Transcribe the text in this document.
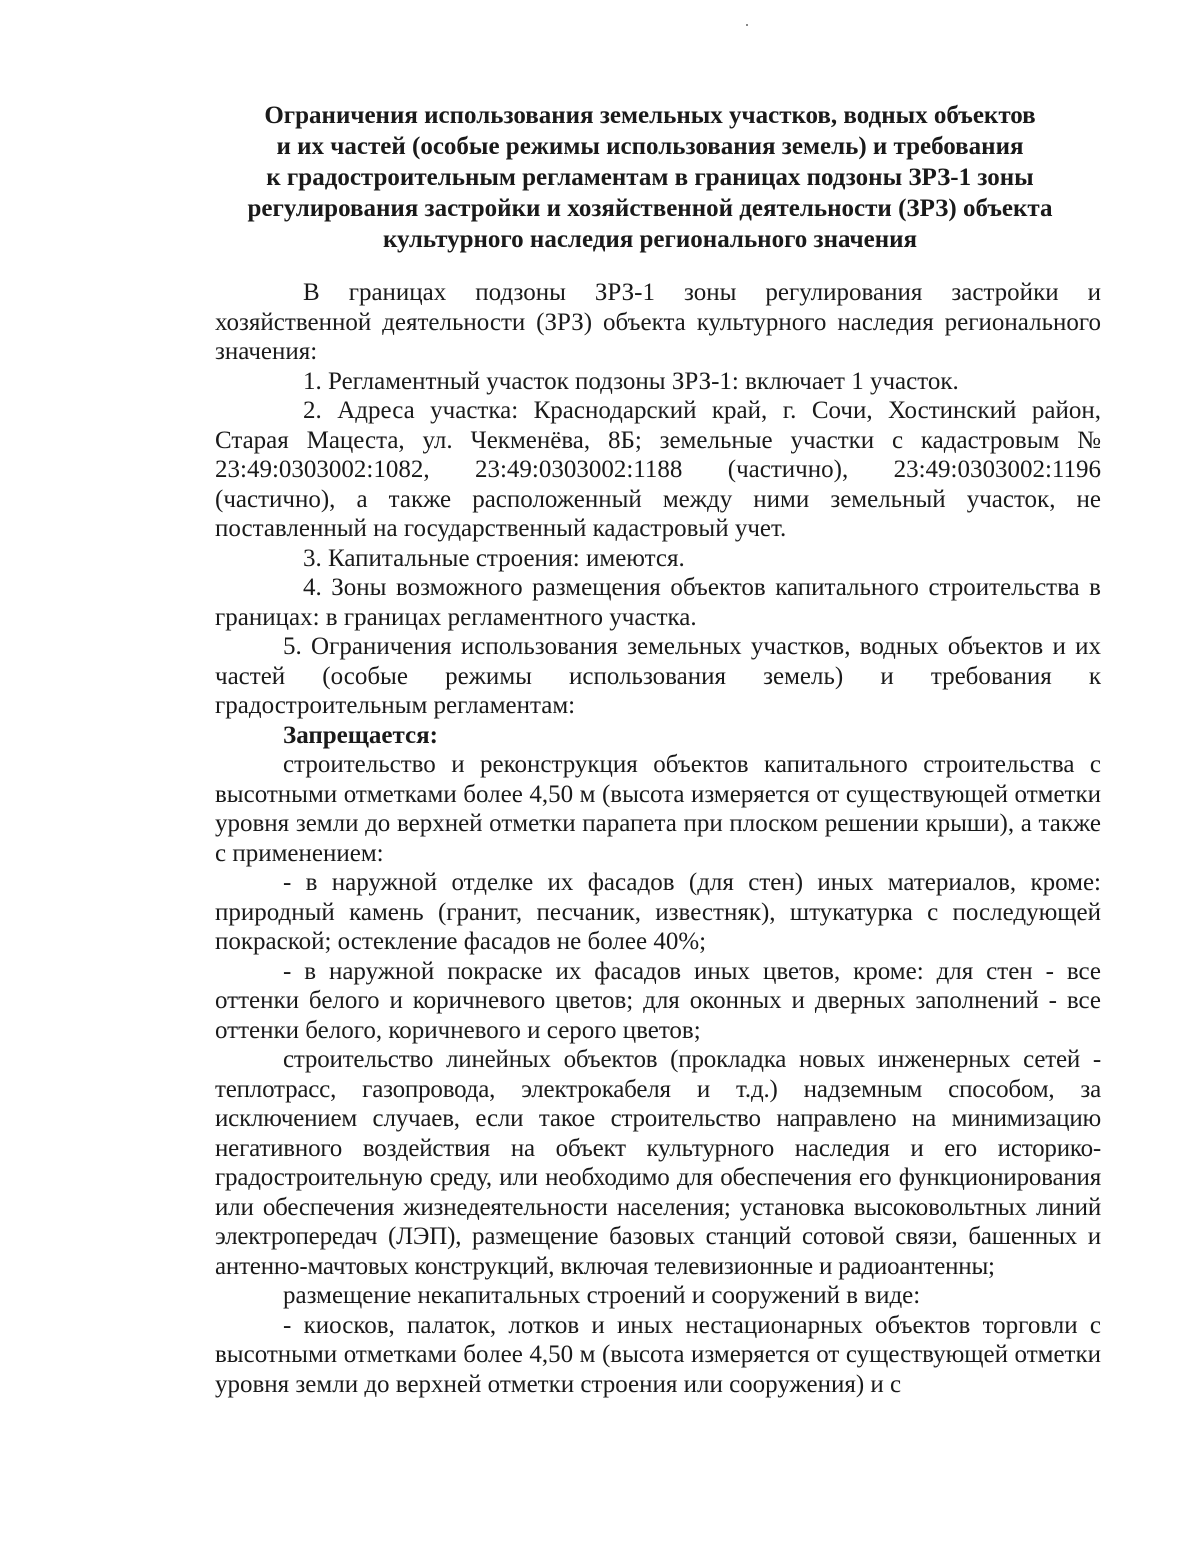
Ограничения использования земельных участков, водных объектов
и их частей (особые режимы использования земель) и требования
к градостроительным регламентам в границах подзоны ЗРЗ-1 зоны
регулирования застройки и хозяйственной деятельности (ЗРЗ) объекта
культурного наследия регионального значения

В границах подзоны ЗРЗ-1 зоны регулирования застройки и хозяйственной деятельности (ЗРЗ) объекта культурного наследия регионального значения:

1. Регламентный участок подзоны ЗРЗ-1: включает 1 участок.

2. Адреса участка: Краснодарский край, г. Сочи, Хостинский район, Старая Мацеста, ул. Чекменёва, 8Б; земельные участки с кадастровым № 23:49:0303002:1082, 23:49:0303002:1188 (частично), 23:49:0303002:1196 (частично), а также расположенный между ними земельный участок, не поставленный на государственный кадастровый учет.

3. Капитальные строения: имеются.

4. Зоны возможного размещения объектов капитального строительства в границах: в границах регламентного участка.

5. Ограничения использования земельных участков, водных объектов и их частей (особые режимы использования земель) и требования к градостроительным регламентам:

Запрещается:

строительство и реконструкция объектов капитального строительства с высотными отметками более 4,50 м (высота измеряется от существующей отметки уровня земли до верхней отметки парапета при плоском решении крыши), а также с применением:

- в наружной отделке их фасадов (для стен) иных материалов, кроме: природный камень (гранит, песчаник, известняк), штукатурка с последующей покраской; остекление фасадов не более 40%;

- в наружной покраске их фасадов иных цветов, кроме: для стен - все оттенки белого и коричневого цветов; для оконных и дверных заполнений - все оттенки белого, коричневого и серого цветов;

строительство линейных объектов (прокладка новых инженерных сетей - теплотрасс, газопровода, электрокабеля и т.д.) надземным способом, за исключением случаев, если такое строительство направлено на минимизацию негативного воздействия на объект культурного наследия и его историко-градостроительную среду, или необходимо для обеспечения его функционирования или обеспечения жизнедеятельности населения; установка высоковольтных линий электропередач (ЛЭП), размещение базовых станций сотовой связи, башенных и антенно-мачтовых конструкций, включая телевизионные и радиоантенны;

размещение некапитальных строений и сооружений в виде:

- киосков, палаток, лотков и иных нестационарных объектов торговли с высотными отметками более 4,50 м (высота измеряется от существующей отметки уровня земли до верхней отметки строения или сооружения) и с
